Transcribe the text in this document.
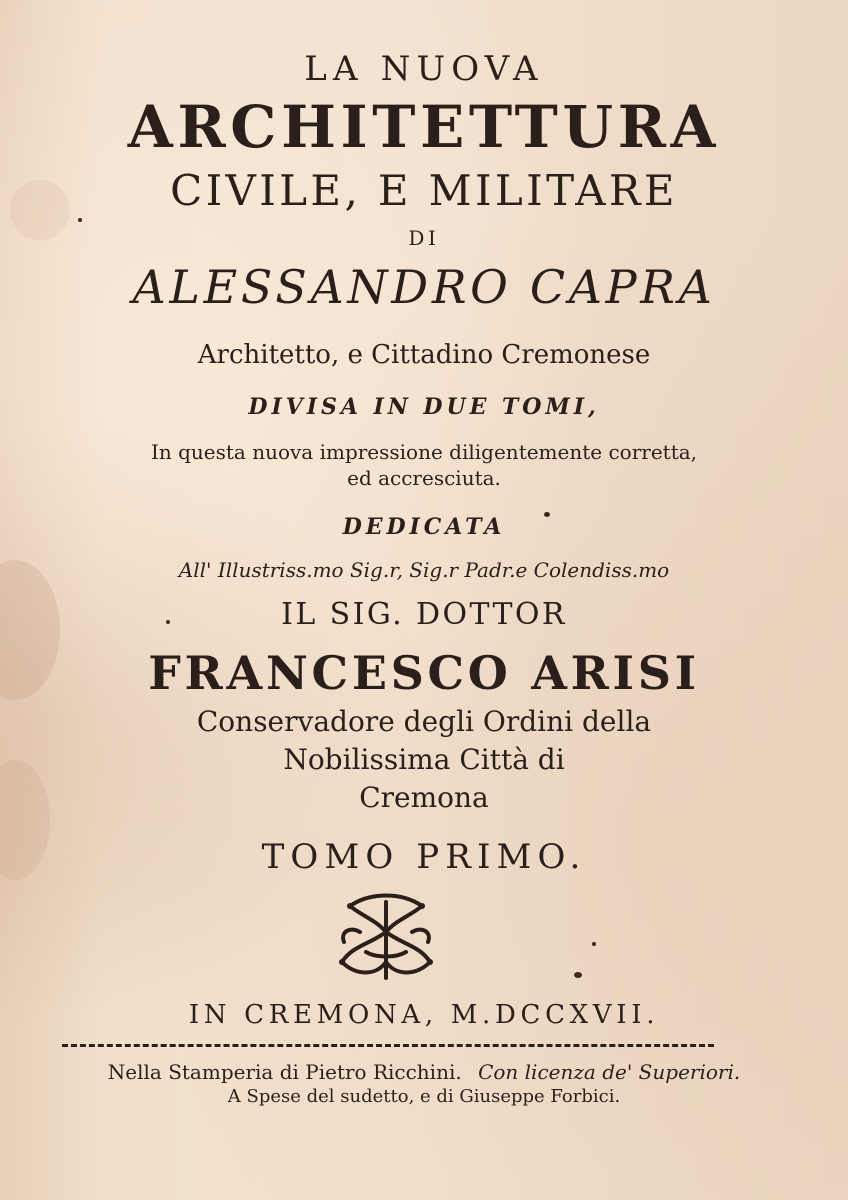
LA NUOVA
ARCHITETTURA
CIVILE, E MILITARE
DI
ALESSANDRO CAPRA
Architetto, e Cittadino Cremonese
DIVISA IN DUE TOMI,
In questa nuova impressione diligentemente corretta,
ed accresciuta.
DEDICATA
All' Illustriss.mo Sig.r, Sig.r Padr.e Colendiss.mo
IL SIG. DOTTOR
FRANCESCO ARISI
Conservadore degli Ordini della
Nobilissima Città di
Cremona
TOMO PRIMO.
IN CREMONA, M.DCCXVII.
Nella Stamperia di Pietro Ricchini. Con licenza de' Superiori.
A Spese del sudetto, e di Giuseppe Forbici.
